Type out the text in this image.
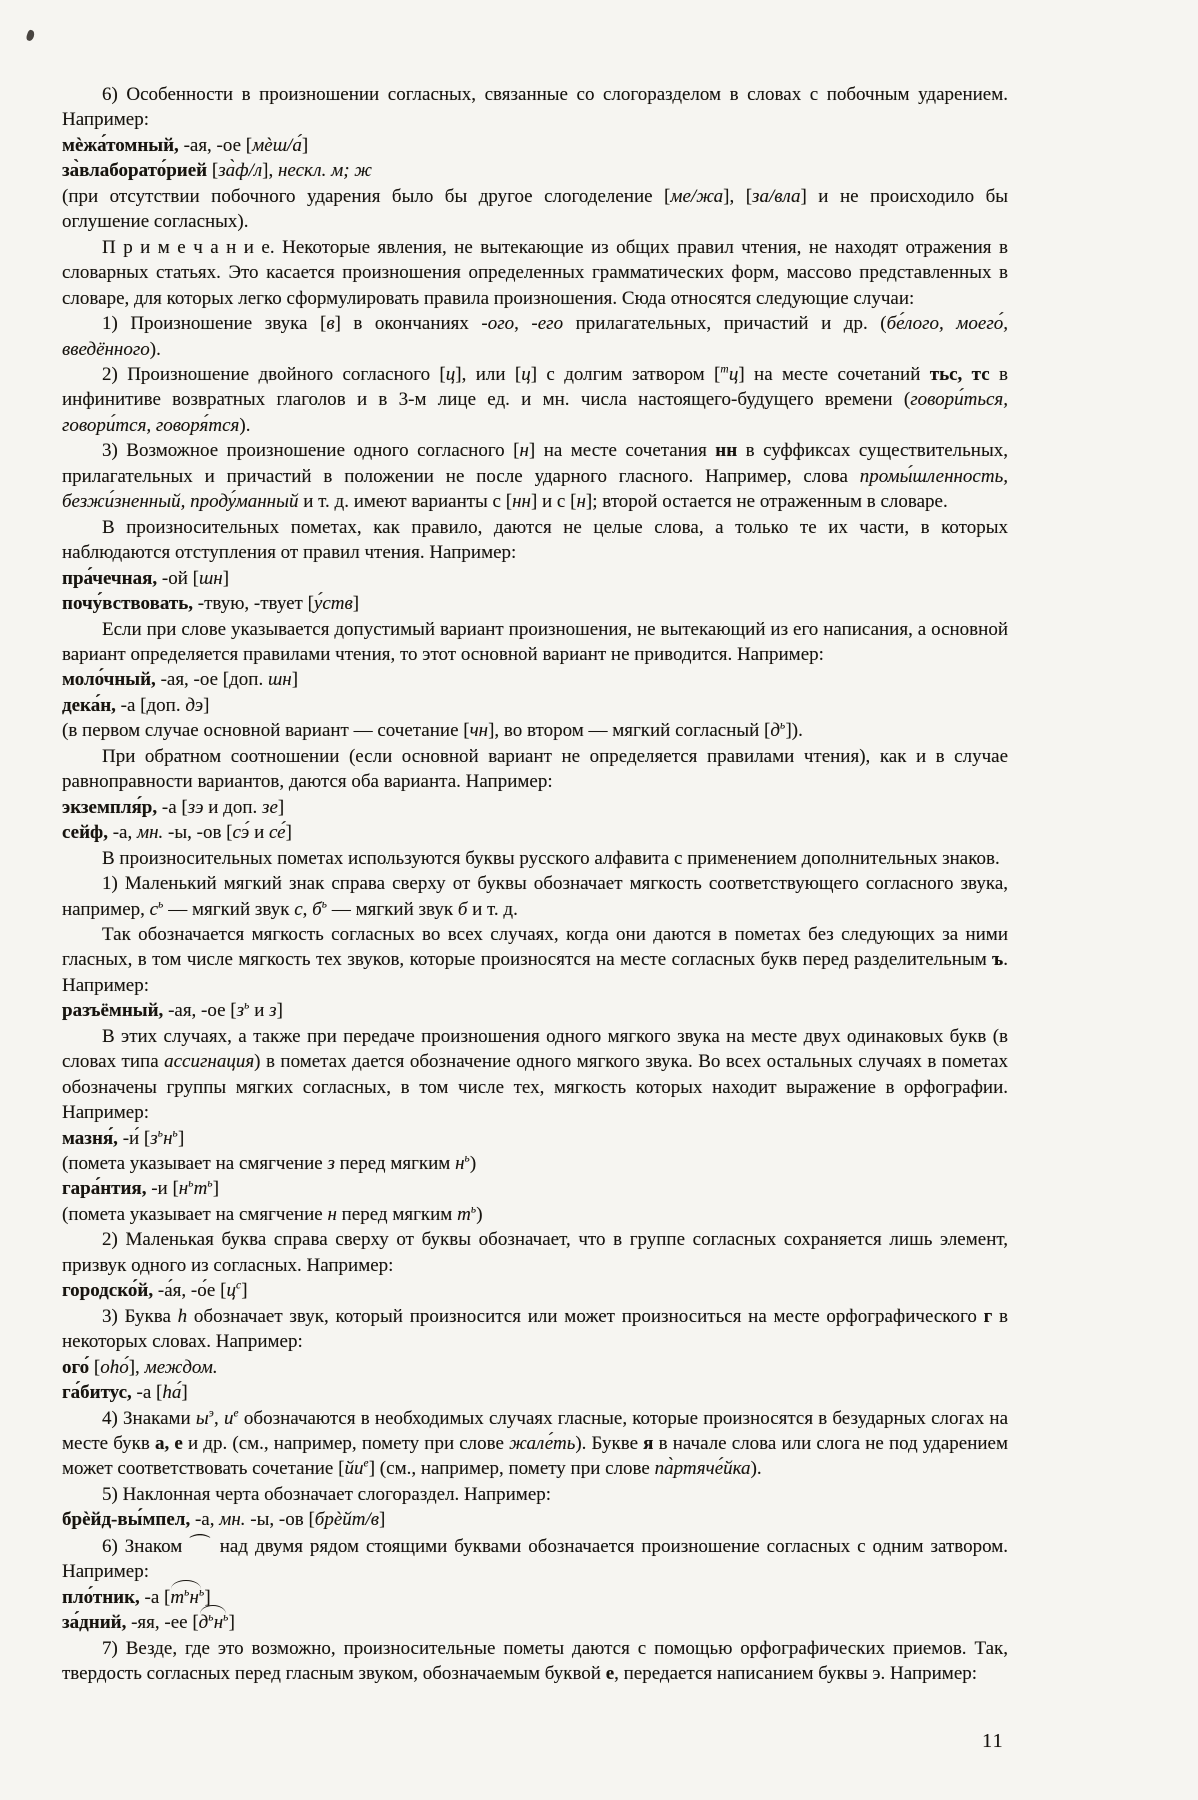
6) Особенности в произношении согласных, связанные со слогоразделом в словах с побочным ударением. Например:

мѐжа́томный, -ая, -ое [мѐш/а́]

за̀влаборато́рией [за̀ф/л], нескл. м; ж

(при отсутствии побочного ударения было бы другое слогоделение [ме/жа], [за/вла] и не происходило бы оглушение согласных).

П р и м е ч а н и е. Некоторые явления, не вытекающие из общих правил чтения, не находят отражения в словарных статьях. Это касается произношения определенных грамматических форм, массово представленных в словаре, для которых легко сформулировать правила произношения. Сюда относятся следующие случаи:

1) Произношение звука [в] в окончаниях -ого, -его прилагательных, причастий и др. (бе́лого, моего́, введённого).

2) Произношение двойного согласного [ц], или [ц] с долгим затвором [$^т$ц] на месте сочетаний тьс, тс в инфинитиве возвратных глаголов и в 3-м лице ед. и мн. числа настоящего-будущего времени (говори́ться, говори́тся, говоря́тся).

3) Возможное произношение одного согласного [н] на месте сочетания нн в суффиксах существительных, прилагательных и причастий в положении не после ударного гласного. Например, слова промы́шленность, безжи́зненный, проду́манный и т. д. имеют варианты с [нн] и с [н]; второй остается не отраженным в словаре.

В произносительных пометах, как правило, даются не целые слова, а только те их части, в которых наблюдаются отступления от правил чтения. Например:

пра́чечная, -ой [шн]

почу́вствовать, -твую, -твует [у́ств]

Если при слове указывается допустимый вариант произношения, не вытекающий из его написания, а основной вариант определяется правилами чтения, то этот основной вариант не приводится. Например:

моло́чный, -ая, -ое [доп. шн]

дека́н, -а [доп. дэ]

(в первом случае основной вариант — сочетание [чн], во втором — мягкий согласный $[д^ь]$).

При обратном соотношении (если основной вариант не определяется правилами чтения), как и в случае равноправности вариантов, даются оба варианта. Например:

экземпля́р, -а [зэ и доп. зе]

сейф, -а, мн. -ы, -ов [сэ́ и се́]

В произносительных пометах используются буквы русского алфавита с применением дополнительных знаков.

1) Маленький мягкий знак справа сверху от буквы обозначает мягкость соответствующего согласного звука, например, $с^ь$ — мягкий звук с, $б^ь$ — мягкий звук б и т. д.

Так обозначается мягкость согласных во всех случаях, когда они даются в пометах без следующих за ними гласных, в том числе мягкость тех звуков, которые произносятся на месте согласных букв перед разделительным ъ. Например:

разъёмный, -ая, -ое [$з^ь$ и з]

В этих случаях, а также при передаче произношения одного мягкого звука на месте двух одинаковых букв (в словах типа ассигнация) в пометах дается обозначение одного мягкого звука. Во всех остальных случаях в пометах обозначены группы мягких согласных, в том числе тех, мягкость которых находит выражение в орфографии. Например:

мазня́, -и́ $[з^ьн^ь]$

(помета указывает на смягчение з перед мягким $н^ь$)

гара́нтия, -и $[н^ьт^ь]$

(помета указывает на смягчение н перед мягким $т^ь$)

2) Маленькая буква справа сверху от буквы обозначает, что в группе согласных сохраняется лишь элемент, призвук одного из согласных. Например:

городско́й, -а́я, -о́е $[ц^с]$

3) Буква h обозначает звук, который произносится или может произноситься на месте орфографического г в некоторых словах. Например:

ого́ [оhо́], междом.

га́битус, -а [hа́]

4) Знаками $ы^э$, $и^е$ обозначаются в необходимых случаях гласные, которые произносятся в безударных слогах на месте букв а, е и др. (см., например, помету при слове жале́ть). Букве я в начале слова или слога не под ударением может соответствовать сочетание $[йи^е]$ (см., например, помету при слове па̀ртяче́йка).

5) Наклонная черта обозначает слогораздел. Например:

брѐйд-вы́мпел, -а, мн. -ы, -ов [брѐйт/в]

6) Знаком ⌒ над двумя рядом стоящими буквами обозначается произношение согласных с одним затвором. Например:

пло́тник, -а $[т^ьн^ь]$

за́дний, -яя, -ее $[д^ьн^ь]$

7) Везде, где это возможно, произносительные пометы даются с помощью орфографических приемов. Так, твердость согласных перед гласным звуком, обозначаемым буквой е, передается написанием буквы э. Например:

11
